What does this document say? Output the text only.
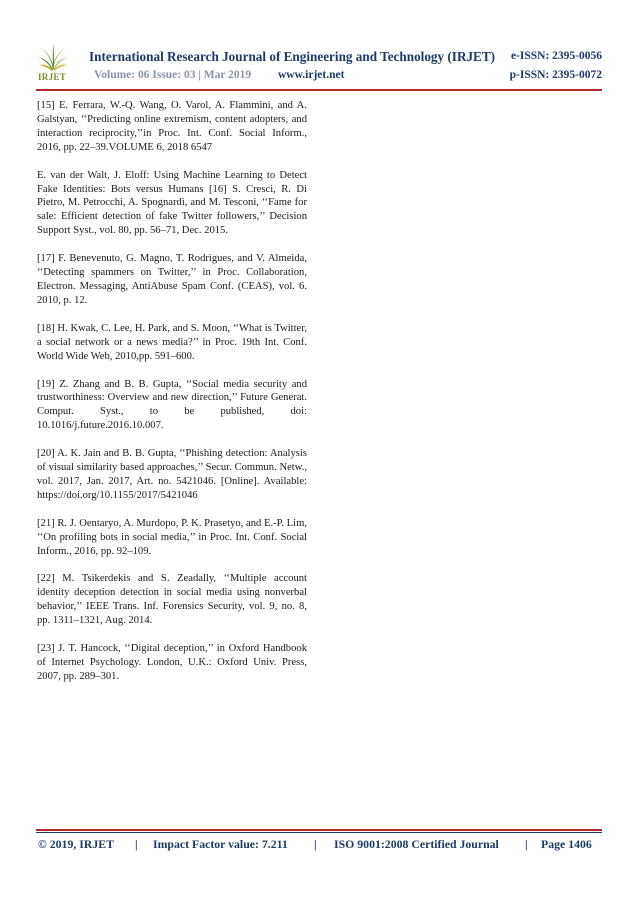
IRJET
International Research Journal of Engineering and Technology (IRJET) e-ISSN: 2395-0056
Volume: 06 Issue: 03 | Mar 2019 www.irjet.net	p-ISSN: 2395-0072

[15] E. Ferrara, W.-Q. Wang, O. Varol, A. Flammini, and A. Galstyan, ‘‘Predicting online extremism, content adopters, and interaction reciprocity,’’in Proc. Int. Conf. Social Inform., 2016, pp. 22–39.VOLUME 6, 2018 6547

E. van der Walt, J. Eloff: Using Machine Learning to Detect Fake Identities: Bots versus Humans [16] S. Cresci, R. Di Pietro, M. Petrocchi, A. Spognardi, and M. Tesconi, ‘‘Fame for sale: Efficient detection of fake Twitter followers,’’ Decision Support Syst., vol. 80, pp. 56–71, Dec. 2015.

[17] F. Benevenuto, G. Magno, T. Rodrigues, and V. Almeida, ‘‘Detecting spammers on Twitter,’’ in Proc. Collaboration, Electron. Messaging, AntiAbuse Spam Conf. (CEAS), vol. 6. 2010, p. 12.

[18] H. Kwak, C. Lee, H. Park, and S. Moon, ‘‘What is Twitter, a social network or a news media?’’ in Proc. 19th Int. Conf. World Wide Web, 2010,pp. 591–600.

[19] Z. Zhang and B. B. Gupta, ‘‘Social media security and trustworthiness: Overview and new direction,’’ Future Generat. Comput. Syst., to be published, doi: 10.1016/j.future.2016.10.007.

[20] A. K. Jain and B. B. Gupta, ‘‘Phishing detection: Analysis of visual similarity based approaches,’’ Secur. Commun. Netw., vol. 2017, Jan. 2017, Art. no. 5421046. [Online]. Available: https://doi.org/10.1155/2017/5421046

[21] R. J. Oentaryo, A. Murdopo, P. K. Prasetyo, and E.-P. Lim, ‘‘On profiling bots in social media,’’ in Proc. Int. Conf. Social Inform., 2016, pp. 92–109.

[22] M. Tsikerdekis and S. Zeadally, ‘‘Multiple account identity deception detection in social media using nonverbal behavior,’’ IEEE Trans. Inf. Forensics Security, vol. 9, no. 8, pp. 1311–1321, Aug. 2014.

[23] J. T. Hancock, ‘‘Digital deception,’’ in Oxford Handbook of Internet Psychology. London, U.K.: Oxford Univ. Press, 2007, pp. 289–301.

© 2019, IRJET | Impact Factor value: 7.211 | ISO 9001:2008 Certified Journal | Page 1406
